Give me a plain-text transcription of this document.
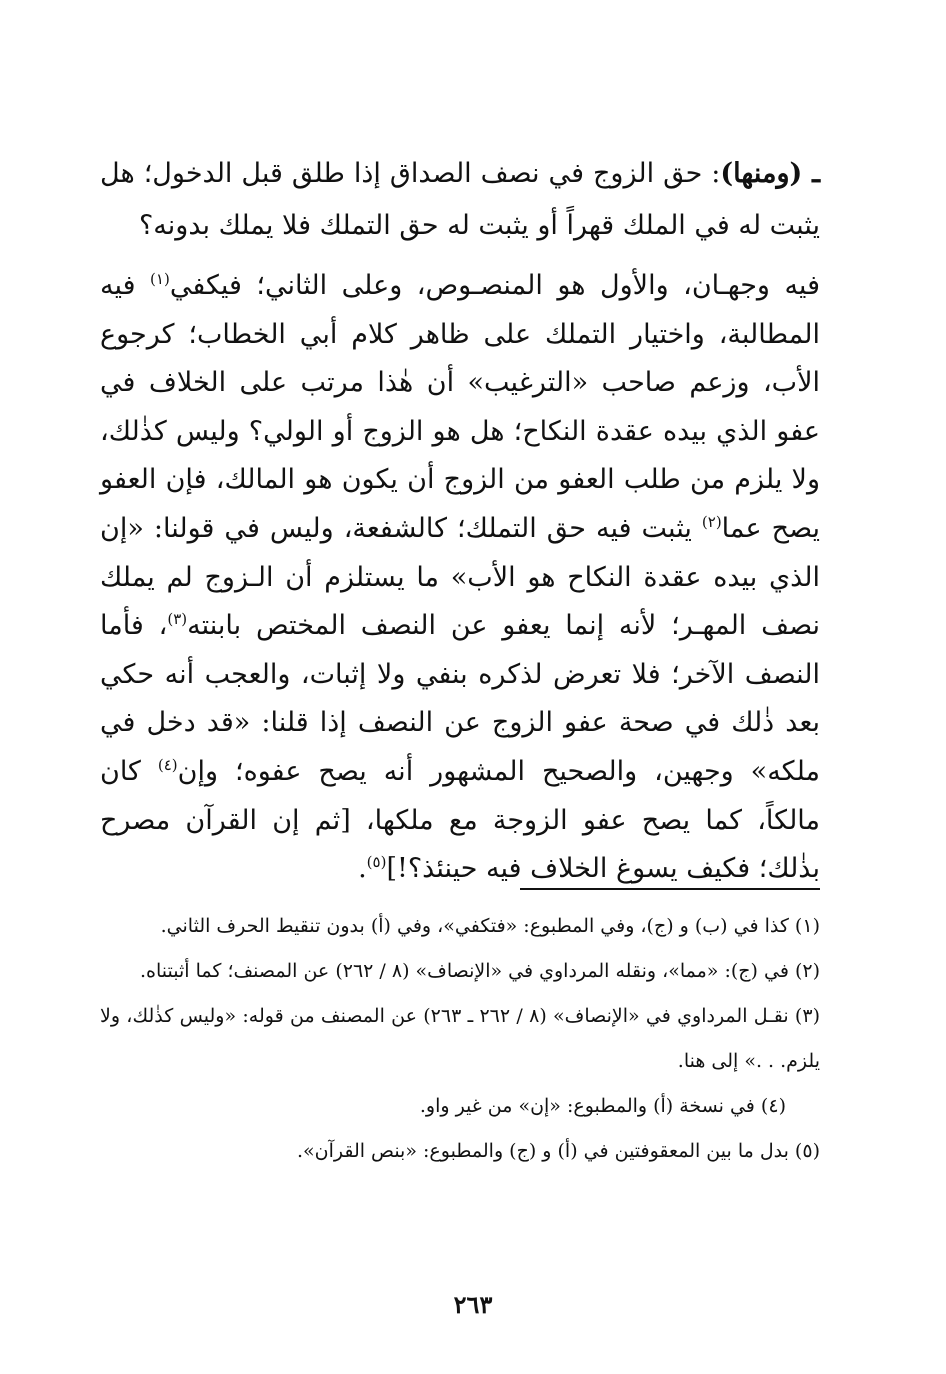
ـ (ومنها): حق الزوج في نصف الصداق إذا طلق قبل الدخول؛ هل يثبت له في الملك قهراً أو يثبت له حق التملك فلا يملك بدونه؟

فيه وجهـان، والأول هو المنصـوص، وعلى الثاني؛ فيكفي$^{(١)}$ فيه المطالبة، واختيار التملك على ظاهر كلام أبي الخطاب؛ كرجوع الأب، وزعم صاحب «الترغيب» أن هٰذا مرتب على الخلاف في عفو الذي بيده عقدة النكاح؛ هل هو الزوج أو الولي؟ وليس كذٰلك، ولا يلزم من طلب العفو من الزوج أن يكون هو المالك، فإن العفو يصح عما$^{(٢)}$ يثبت فيه حق التملك؛ كالشفعة، وليس في قولنا: «إن الذي بيده عقدة النكاح هو الأب» ما يستلزم أن الـزوج لم يملك نصف المهـر؛ لأنه إنما يعفو عن النصف المختص بابنته$^{(٣)}$، فأما النصف الآخر؛ فلا تعرض لذكره بنفي ولا إثبات، والعجب أنه حكي بعد ذٰلك في صحة عفو الزوج عن النصف إذا قلنا: «قد دخل في ملكه» وجهين، والصحيح المشهور أنه يصح عفوه؛ وإن$^{(٤)}$ كان مالكاً، كما يصح عفو الزوجة مع ملكها، [ثم إن القرآن مصرح بذٰلك؛ فكيف يسوغ الخلاف فيه حينئذ؟!]$^{(٥)}$.

(١) كذا في (ب) و (ج)، وفي المطبوع: «فتكفي»، وفي (أ) بدون تنقيط الحرف الثاني.

(٢) في (ج): «مما»، ونقله المرداوي في «الإنصاف» (٨ / ٢٦٢) عن المصنف؛ كما أثبتناه.

(٣) نقـل المرداوي في «الإنصاف» (٨ / ٢٦٢ ـ ٢٦٣) عن المصنف من قوله: «وليس كذٰلك، ولا يلزم. . .» إلى هنا.

(٤) في نسخة (أ) والمطبوع: «إن» من غير واو.

(٥) بدل ما بين المعقوفتين في (أ) و (ج) والمطبوع: «بنص القرآن».

٢٦٣
